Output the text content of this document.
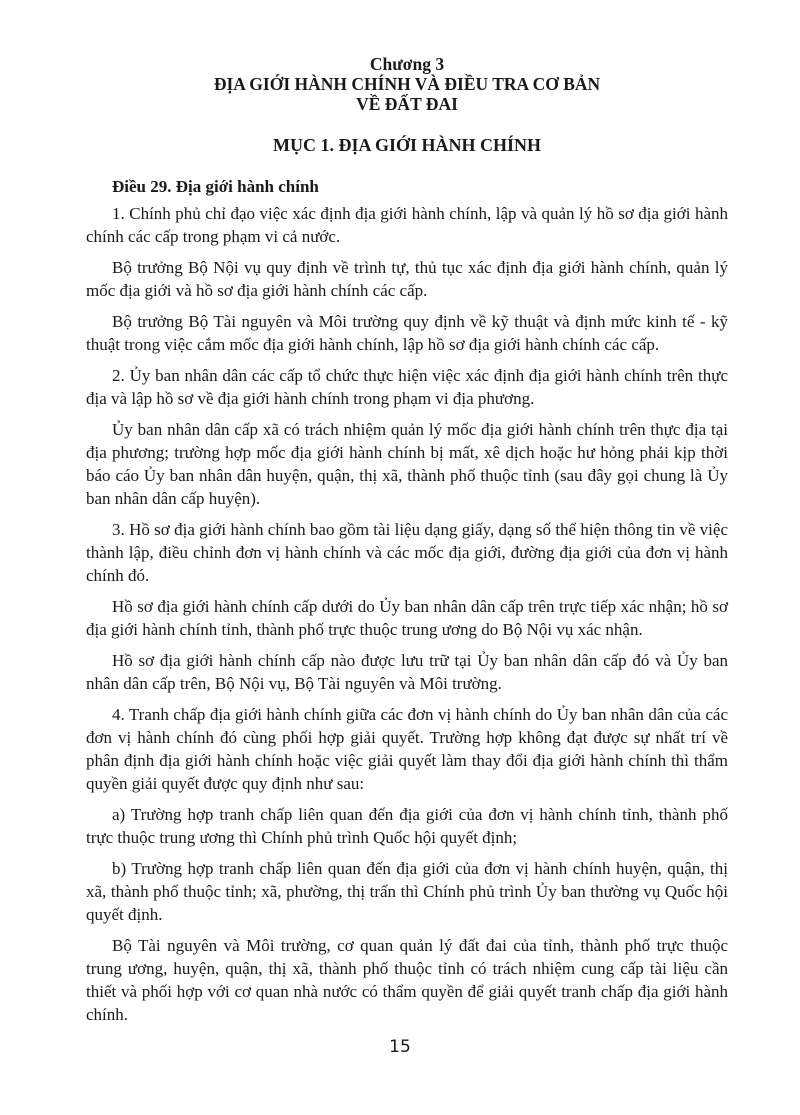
Chương 3
ĐỊA GIỚI HÀNH CHÍNH VÀ ĐIỀU TRA CƠ BẢN
VỀ ĐẤT ĐAI
MỤC 1. ĐỊA GIỚI HÀNH CHÍNH
Điều 29. Địa giới hành chính

1. Chính phủ chỉ đạo việc xác định địa giới hành chính, lập và quản lý hồ sơ địa giới hành chính các cấp trong phạm vi cả nước.

Bộ trưởng Bộ Nội vụ quy định về trình tự, thủ tục xác định địa giới hành chính, quản lý mốc địa giới và hồ sơ địa giới hành chính các cấp.

Bộ trưởng Bộ Tài nguyên và Môi trường quy định về kỹ thuật và định mức kinh tế - kỹ thuật trong việc cắm mốc địa giới hành chính, lập hồ sơ địa giới hành chính các cấp.

2. Ủy ban nhân dân các cấp tổ chức thực hiện việc xác định địa giới hành chính trên thực địa và lập hồ sơ về địa giới hành chính trong phạm vi địa phương.

Ủy ban nhân dân cấp xã có trách nhiệm quản lý mốc địa giới hành chính trên thực địa tại địa phương; trường hợp mốc địa giới hành chính bị mất, xê dịch hoặc hư hỏng phải kịp thời báo cáo Ủy ban nhân dân huyện, quận, thị xã, thành phố thuộc tỉnh (sau đây gọi chung là Ủy ban nhân dân cấp huyện).

3. Hồ sơ địa giới hành chính bao gồm tài liệu dạng giấy, dạng số thể hiện thông tin về việc thành lập, điều chỉnh đơn vị hành chính và các mốc địa giới, đường địa giới của đơn vị hành chính đó.

Hồ sơ địa giới hành chính cấp dưới do Ủy ban nhân dân cấp trên trực tiếp xác nhận; hồ sơ địa giới hành chính tỉnh, thành phố trực thuộc trung ương do Bộ Nội vụ xác nhận.

Hồ sơ địa giới hành chính cấp nào được lưu trữ tại Ủy ban nhân dân cấp đó và Ủy ban nhân dân cấp trên, Bộ Nội vụ, Bộ Tài nguyên và Môi trường.

4. Tranh chấp địa giới hành chính giữa các đơn vị hành chính do Ủy ban nhân dân của các đơn vị hành chính đó cùng phối hợp giải quyết. Trường hợp không đạt được sự nhất trí về phân định địa giới hành chính hoặc việc giải quyết làm thay đổi địa giới hành chính thì thẩm quyền giải quyết được quy định như sau:

a) Trường hợp tranh chấp liên quan đến địa giới của đơn vị hành chính tỉnh, thành phố trực thuộc trung ương thì Chính phủ trình Quốc hội quyết định;

b) Trường hợp tranh chấp liên quan đến địa giới của đơn vị hành chính huyện, quận, thị xã, thành phố thuộc tỉnh; xã, phường, thị trấn thì Chính phủ trình Ủy ban thường vụ Quốc hội quyết định.

Bộ Tài nguyên và Môi trường, cơ quan quản lý đất đai của tỉnh, thành phố trực thuộc trung ương, huyện, quận, thị xã, thành phố thuộc tỉnh có trách nhiệm cung cấp tài liệu cần thiết và phối hợp với cơ quan nhà nước có thẩm quyền để giải quyết tranh chấp địa giới hành chính.

15
